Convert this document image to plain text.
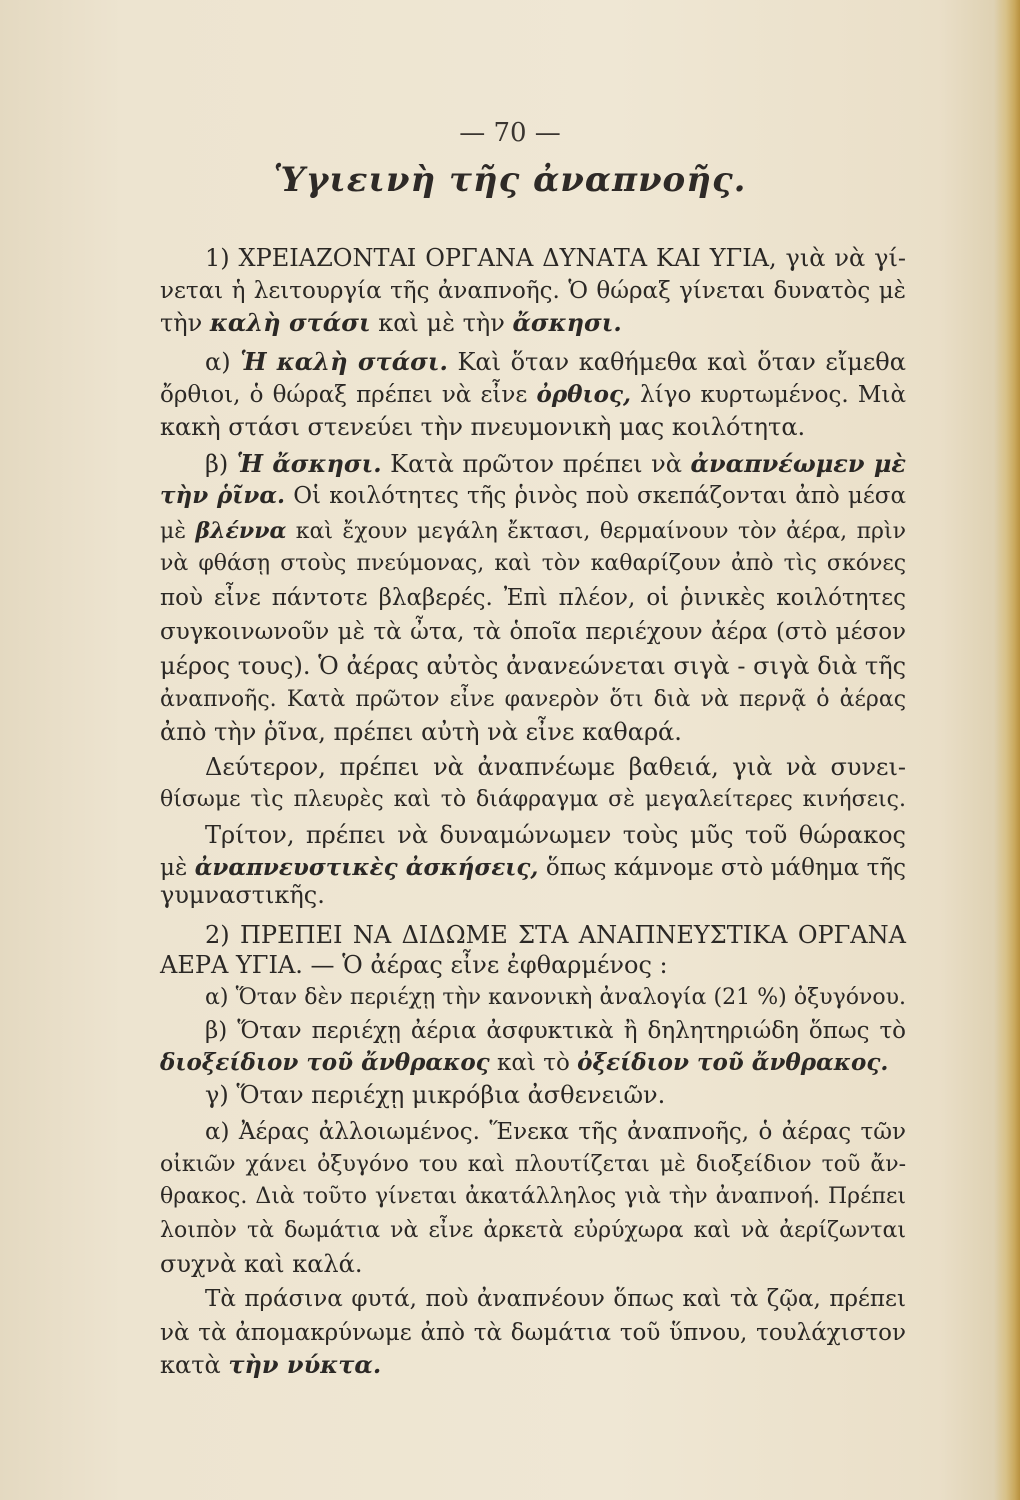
— 70 —
Ὑγιεινὴ τῆς ἀναπνοῆς.

1) ΧΡΕΙΑΖΟΝΤΑΙ ΟΡΓΑΝΑ ΔΥΝΑΤΑ ΚΑΙ ΥΓΙΑ, γιὰ νὰ γί-

νεται ἡ λειτουργία τῆς ἀναπνοῆς. Ὁ θώραξ γίνεται δυνατὸς μὲ

τὴν καλὴ στάσι καὶ μὲ τὴν ἄσκησι.

α) Ἡ καλὴ στάσι. Καὶ ὅταν καθήμεθα καὶ ὅταν εἴμεθα

ὄρθιοι, ὁ θώραξ πρέπει νὰ εἶνε ὀρθιος, λίγο κυρτωμένος. Μιὰ

κακὴ στάσι στενεύει τὴν πνευμονικὴ μας κοιλότητα.

β) Ἡ ἄσκησι. Κατὰ πρῶτον πρέπει νὰ ἀναπνέωμεν μὲ

τὴν ῥῖνα. Οἱ κοιλότητες τῆς ῥινὸς ποὺ σκεπάζονται ἀπὸ μέσα

μὲ βλέννα καὶ ἔχουν μεγάλη ἔκτασι, θερμαίνουν τὸν ἀέρα, πρὶν

νὰ φθάσῃ στοὺς πνεύμονας, καὶ τὸν καθαρίζουν ἀπὸ τὶς σκόνες

ποὺ εἶνε πάντοτε βλαβερές. Ἐπὶ πλέον, οἱ ῥινικὲς κοιλότητες

συγκοινωνοῦν μὲ τὰ ὦτα, τὰ ὁποῖα περιέχουν ἀέρα (στὸ μέσον

μέρος τους). Ὁ ἀέρας αὐτὸς ἀνανεώνεται σιγὰ - σιγὰ διὰ τῆς

ἀναπνοῆς. Κατὰ πρῶτον εἶνε φανερὸν ὅτι διὰ νὰ περνᾷ ὁ ἀέρας

ἀπὸ τὴν ῥῖνα, πρέπει αὐτὴ νὰ εἶνε καθαρά.

Δεύτερον, πρέπει νὰ ἀναπνέωμε βαθειά, γιὰ νὰ συνει-

θίσωμε τὶς πλευρὲς καὶ τὸ διάφραγμα σὲ μεγαλείτερες κινήσεις.

Τρίτον, πρέπει νὰ δυναμώνωμεν τοὺς μῦς τοῦ θώρακος

μὲ ἀναπνευστικὲς ἀσκήσεις, ὅπως κάμνομε στὸ μάθημα τῆς

γυμναστικῆς.

2) ΠΡΕΠΕΙ ΝΑ ΔΙΔΩΜΕ ΣΤΑ ΑΝΑΠΝΕΥΣΤΙΚΑ ΟΡΓΑΝΑ

ΑΕΡΑ ΥΓΙΑ. — Ὁ ἀέρας εἶνε ἐφθαρμένος :

α) Ὅταν δὲν περιέχῃ τὴν κανονικὴ ἀναλογία (21 %) ὀξυγόνου.

β) Ὅταν περιέχῃ ἀέρια ἀσφυκτικὰ ἢ δηλητηριώδη ὅπως τὸ

διοξείδιον τοῦ ἄνθρακος καὶ τὸ ὀξείδιον τοῦ ἄνθρακος.

γ) Ὅταν περιέχῃ μικρόβια ἀσθενειῶν.

α) Ἀέρας ἀλλοιωμένος. Ἕνεκα τῆς ἀναπνοῆς, ὁ ἀέρας τῶν

οἰκιῶν χάνει ὀξυγόνο του καὶ πλουτίζεται μὲ διοξείδιον τοῦ ἄν-

θρακος. Διὰ τοῦτο γίνεται ἀκατάλληλος γιὰ τὴν ἀναπνοή. Πρέπει

λοιπὸν τὰ δωμάτια νὰ εἶνε ἀρκετὰ εὐρύχωρα καὶ νὰ ἀερίζωνται

συχνὰ καὶ καλά.

Τὰ πράσινα φυτά, ποὺ ἀναπνέουν ὅπως καὶ τὰ ζῷα, πρέπει

νὰ τὰ ἀπομακρύνωμε ἀπὸ τὰ δωμάτια τοῦ ὕπνου, τουλάχιστον

κατὰ τὴν νύκτα.
